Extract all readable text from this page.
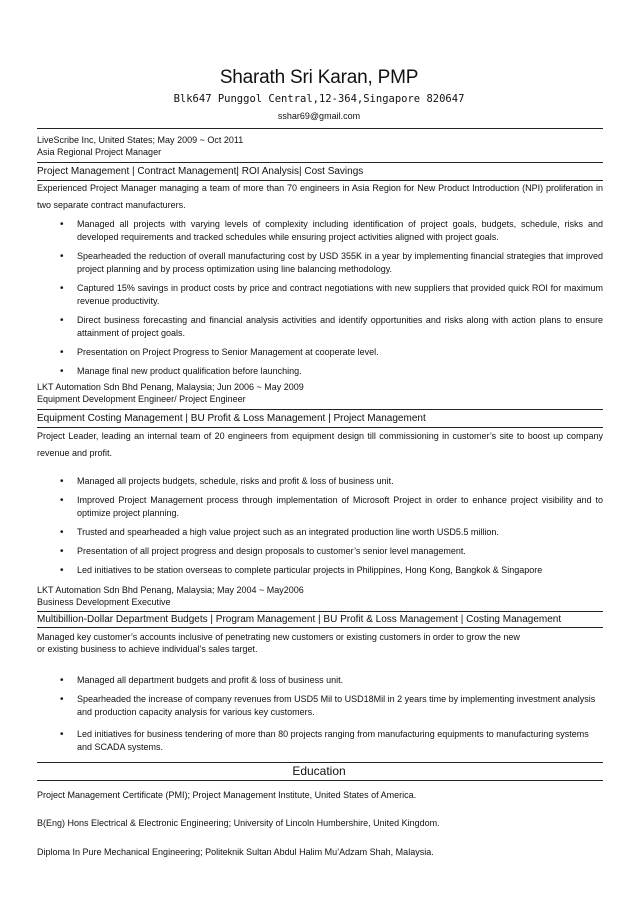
Sharath Sri Karan, PMP
Blk647 Punggol Central,12-364,Singapore 820647
sshar69@gmail.com
LiveScribe Inc, United States; May 2009 ~ Oct 2011
Asia Regional Project Manager
Project Management | Contract Management| ROI Analysis| Cost Savings
Experienced Project Manager managing a team of more than 70 engineers in Asia Region for New Product Introduction (NPI) proliferation in two separate contract manufacturers.
• Managed all projects with varying levels of complexity including identification of project goals, budgets, schedule, risks and developed requirements and tracked schedules while ensuring project activities aligned with project goals.
• Spearheaded the reduction of overall manufacturing cost by USD 355K in a year by implementing financial strategies that improved project planning and by process optimization using line balancing methodology.
• Captured 15% savings in product costs by price and contract negotiations with new suppliers that provided quick ROI for maximum revenue productivity.
• Direct business forecasting and financial analysis activities and identify opportunities and risks along with action plans to ensure attainment of project goals.
• Presentation on Project Progress to Senior Management at cooperate level.
• Manage final new product qualification before launching.
LKT Automation Sdn Bhd Penang, Malaysia; Jun 2006 ~ May 2009
Equipment Development Engineer/ Project Engineer
Equipment Costing Management | BU Profit & Loss Management | Project Management
Project Leader, leading an internal team of 20 engineers from equipment design till commissioning in customer’s site to boost up company revenue and profit.
• Managed all projects budgets, schedule, risks and profit & loss of business unit.
• Improved Project Management process through implementation of Microsoft Project in order to enhance project visibility and to optimize project planning.
• Trusted and spearheaded a high value project such as an integrated production line worth USD5.5 million.
• Presentation of all project progress and design proposals to customer’s senior level management.
• Led initiatives to be station overseas to complete particular projects in Philippines, Hong Kong, Bangkok & Singapore
LKT Automation Sdn Bhd Penang, Malaysia; May 2004 ~ May2006
Business Development Executive
Multibillion-Dollar Department Budgets | Program Management | BU Profit & Loss Management | Costing Management
Managed key customer’s accounts inclusive of penetrating new customers or existing customers in order to grow the new
or existing business to achieve individual’s sales target.
• Managed all department budgets and profit & loss of business unit.
• Spearheaded the increase of company revenues from USD5 Mil to USD18Mil in 2 years time by implementing investment analysis and production capacity analysis for various key customers.
• Led initiatives for business tendering of more than 80 projects ranging from manufacturing equipments to manufacturing systems and SCADA systems.
Education
Project Management Certificate (PMI); Project Management Institute, United States of America.
B(Eng) Hons Electrical & Electronic Engineering; University of Lincoln Humbershire, United Kingdom.
Diploma In Pure Mechanical Engineering; Politeknik Sultan Abdul Halim Mu’Adzam Shah, Malaysia.
